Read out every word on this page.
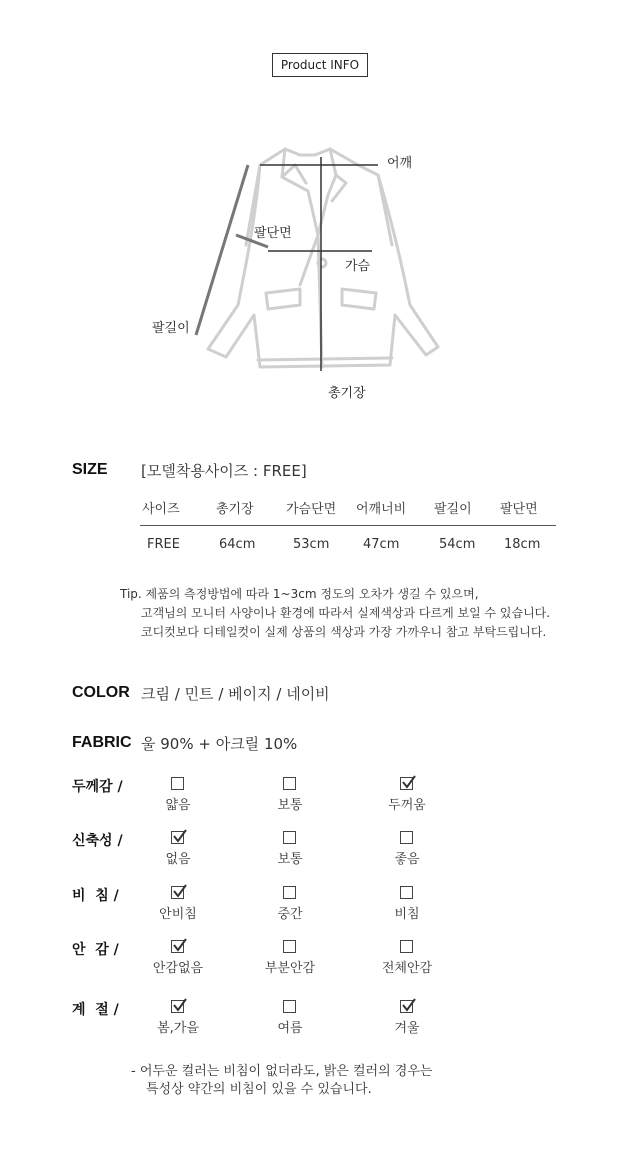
Product INFO
어깨
팔단면
가슴
팔길이
총기장
SIZE [모델착용사이즈 : FREE]
사이즈	총기장 가슴단면 어깨너비 팔길이 팔단면
FREE	64cm	53cm	47cm	54cm 18cm
Tip. 제품의 측정방법에 따라 1~3cm 정도의 오차가 생길 수 있으며,
고객님의 모니터 사양이나 환경에 따라서 실제색상과 다르게 보일 수 있습니다.
코디컷보다 디테일컷이 실제 상품의 색상과 가장 가까우니 참고 부탁드립니다.
COLOR 크림 / 민트 / 베이지 / 네이비
FABRIC 울 90% + 아크릴 10%
두께감 /
얇음	보통	두꺼움
신축성 /
없음	보통	좋음
비  침 /
안비침	중간	비침
안  감 /
안감없음	부분안감	전체안감
계  절 /
봄,가을	여름	겨울
- 어두운 컬러는 비침이 없더라도, 밝은 컬러의 경우는
특성상 약간의 비침이 있을 수 있습니다.
